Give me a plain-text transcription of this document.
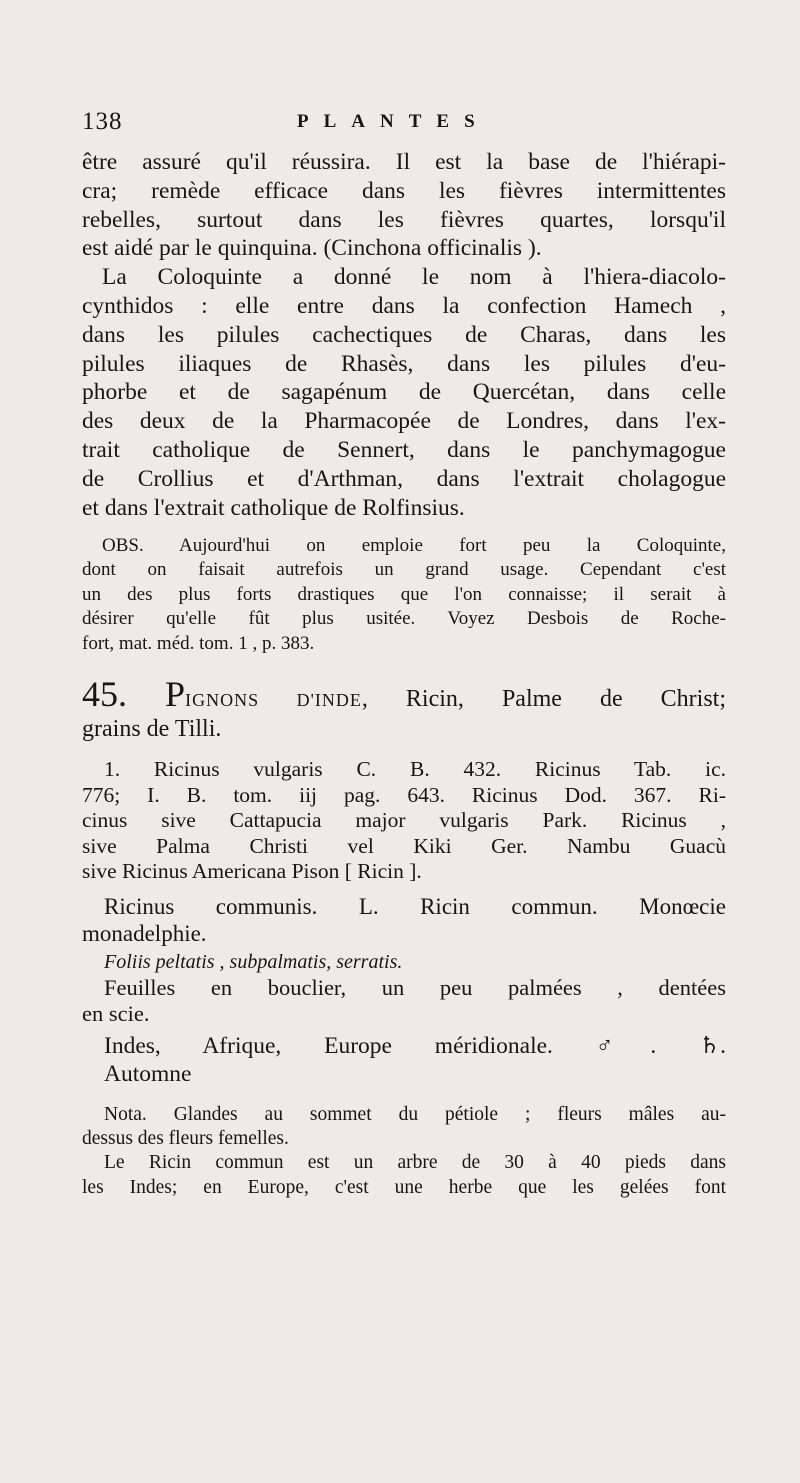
138	PLANTES
être assuré qu'il réussira. Il est la base de l'hiérapi-
cra; remède efficace dans les fièvres intermittentes
rebelles, surtout dans les fièvres quartes, lorsqu'il
est aidé par le quinquina. (Cinchona officinalis ).
La Coloquinte a donné le nom à l'hiera-diacolo-
cynthidos : elle entre dans la confection Hamech ,
dans les pilules cachectiques de Charas, dans les
pilules iliaques de Rhasès, dans les pilules d'eu-
phorbe et de sagapénum de Quercétan, dans celle
des deux de la Pharmacopée de Londres, dans l'ex-
trait catholique de Sennert, dans le panchymagogue
de Crollius et d'Arthman, dans l'extrait cholagogue
et dans l'extrait catholique de Rolfinsius.
OBS. Aujourd'hui on emploie fort peu la Coloquinte,
dont on faisait autrefois un grand usage. Cependant c'est
un des plus forts drastiques que l'on connaisse; il serait à
désirer qu'elle fût plus usitée. Voyez Desbois de Roche-
fort, mat. méd. tom. 1 , p. 383.
45. PIGNONS D'INDE, Ricin, Palme de Christ;
grains de Tilli.
1. Ricinus vulgaris C. B. 432. Ricinus Tab. ic.
776; I. B. tom. iij pag. 643. Ricinus Dod. 367. Ri-
cinus sive Cattapucia major vulgaris Park. Ricinus ,
sive Palma Christi vel Kiki Ger. Nambu Guacù
sive Ricinus Americana Pison [ Ricin ].
Ricinus communis. L. Ricin commun. Monœcie
monadelphie.
Foliis peltatis , subpalmatis, serratis.
Feuilles en bouclier, un peu palmées , dentées
en scie.
Indes, Afrique, Europe méridionale. ♂. ♄.
Automne
Nota. Glandes au sommet du pétiole ; fleurs mâles au-
dessus des fleurs femelles.
Le Ricin commun est un arbre de 30 à 40 pieds dans
les Indes; en Europe, c'est une herbe que les gelées font
